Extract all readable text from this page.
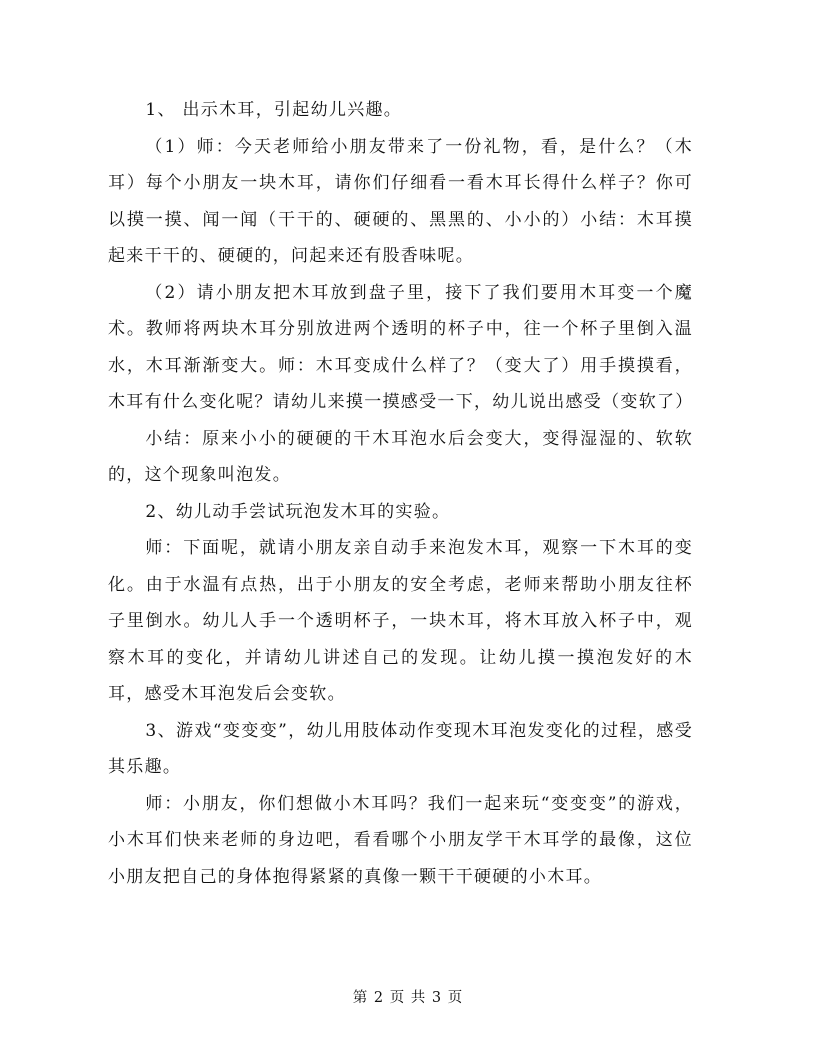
1、 出示木耳，引起幼儿兴趣。

（1）师：今天老师给小朋友带来了一份礼物，看，是什么？（木耳）每个小朋友一块木耳，请你们仔细看一看木耳长得什么样子？你可以摸一摸、闻一闻（干干的、硬硬的、黑黑的、小小的）小结：木耳摸起来干干的、硬硬的，问起来还有股香味呢。

（2）请小朋友把木耳放到盘子里，接下了我们要用木耳变一个魔术。教师将两块木耳分别放进两个透明的杯子中，往一个杯子里倒入温水，木耳渐渐变大。师：木耳变成什么样了？（变大了）用手摸摸看，木耳有什么变化呢？请幼儿来摸一摸感受一下，幼儿说出感受（变软了）

小结：原来小小的硬硬的干木耳泡水后会变大，变得湿湿的、软软的，这个现象叫泡发。

2、幼儿动手尝试玩泡发木耳的实验。

师：下面呢，就请小朋友亲自动手来泡发木耳，观察一下木耳的变化。由于水温有点热，出于小朋友的安全考虑，老师来帮助小朋友往杯子里倒水。幼儿人手一个透明杯子，一块木耳，将木耳放入杯子中，观察木耳的变化，并请幼儿讲述自己的发现。让幼儿摸一摸泡发好的木耳，感受木耳泡发后会变软。

3、游戏“变变变”，幼儿用肢体动作变现木耳泡发变化的过程，感受其乐趣。

师：小朋友，你们想做小木耳吗？我们一起来玩“变变变”的游戏，小木耳们快来老师的身边吧，看看哪个小朋友学干木耳学的最像，这位小朋友把自己的身体抱得紧紧的真像一颗干干硬硬的小木耳。

第 2 页 共 3 页
